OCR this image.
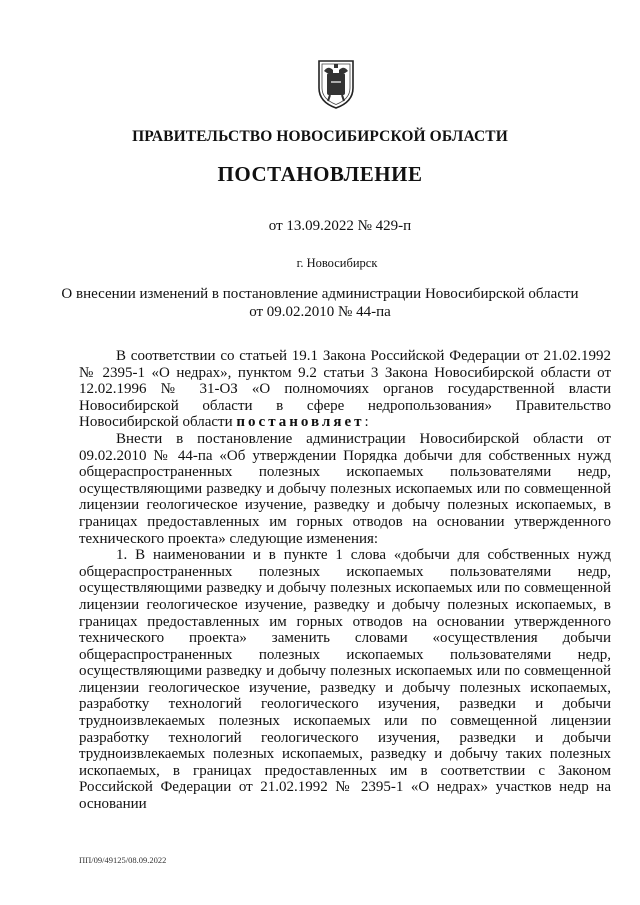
ПРАВИТЕЛЬСТВО НОВОСИБИРСКОЙ ОБЛАСТИ
ПОСТАНОВЛЕНИЕ
от 13.09.2022 № 429-п
г. Новосибирск
О внесении изменений в постановление администрации Новосибирской области
от 09.02.2010 № 44-па

В соответствии со статьей 19.1 Закона Российской Федерации от 21.02.1992 № 2395-1 «О недрах», пунктом 9.2 статьи 3 Закона Новосибирской области от 12.02.1996 № 31-ОЗ «О полномочиях органов государственной власти Новосибирской области в сфере недропользования» Правительство Новосибирской области постановляет:

Внести в постановление администрации Новосибирской области от 09.02.2010 № 44-па «Об утверждении Порядка добычи для собственных нужд общераспространенных полезных ископаемых пользователями недр, осуществляющими разведку и добычу полезных ископаемых или по совмещенной лицензии геологическое изучение, разведку и добычу полезных ископаемых, в границах предоставленных им горных отводов на основании утвержденного технического проекта» следующие изменения:

1. В наименовании и в пункте 1 слова «добычи для собственных нужд общераспространенных полезных ископаемых пользователями недр, осуществляющими разведку и добычу полезных ископаемых или по совмещенной лицензии геологическое изучение, разведку и добычу полезных ископаемых, в границах предоставленных им горных отводов на основании утвержденного технического проекта» заменить словами «осуществления добычи общераспространенных полезных ископаемых пользователями недр, осуществляющими разведку и добычу полезных ископаемых или по совмещенной лицензии геологическое изучение, разведку и добычу полезных ископаемых, разработку технологий геологического изучения, разведки и добычи трудноизвлекаемых полезных ископаемых или по совмещенной лицензии разработку технологий геологического изучения, разведки и добычи трудноизвлекаемых полезных ископаемых, разведку и добычу таких полезных ископаемых, в границах предоставленных им в соответствии с Законом Российской Федерации от 21.02.1992 № 2395-1 «О недрах» участков недр на основании

ПП/09/49125/08.09.2022
